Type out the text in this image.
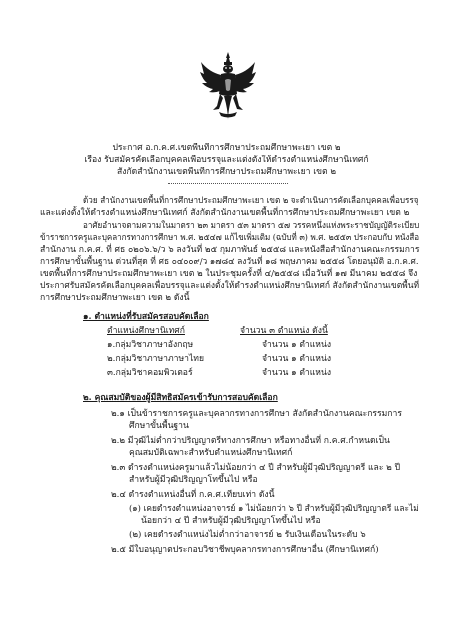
ประกาศ อ.ก.ค.ศ.เขตพื้นที่การศึกษาประถมศึกษาพะเยา เขต ๒
เรื่อง รับสมัครคัดเลือกบุคคลเพื่อบรรจุและแต่งตั้งให้ดำรงตำแหน่งศึกษานิเทศก์
สังกัดสำนักงานเขตพื้นที่การศึกษาประถมศึกษาพะเยา เขต ๒
ด้วย สำนักงานเขตพื้นที่การศึกษาประถมศึกษาพะเยา เขต ๒ จะดำเนินการคัดเลือกบุคคลเพื่อบรรจุ
และแต่งตั้งให้ดำรงตำแหน่งศึกษานิเทศก์ สังกัดสำนักงานเขตพื้นที่การศึกษาประถมศึกษาพะเยา เขต ๒
อาศัยอำนาจตามความในมาตรา ๒๓ มาตรา ๕๓ มาตรา ๕๗ วรรคหนึ่งแห่งพระราชบัญญัติระเบียบ
ข้าราชการครูและบุคลากรทางการศึกษา พ.ศ. ๒๕๔๗ แก้ไขเพิ่มเติม (ฉบับที่ ๓) พ.ศ. ๒๕๕๓ ประกอบกับ หนังสือ
สำนักงาน ก.ค.ศ. ที่ ศธ ๐๒๐๖.๖/ว ๖ ลงวันที่ ๒๕ กุมภาพันธ์ ๒๕๕๘ และหนังสือสำนักงานคณะกรรมการ
การศึกษาขั้นพื้นฐาน ด่วนที่สุด ที่ ศธ ๐๔๐๐๙/ว ๑๗๘๔ ลงวันที่ ๑๘ พฤษภาคม ๒๕๕๘ โดยอนุมัติ อ.ก.ค.ศ.
เขตพื้นที่การศึกษาประถมศึกษาพะเยา เขต ๒ ในประชุมครั้งที่ ๔/๒๕๕๘ เมื่อวันที่ ๑๗ มีนาคม ๒๕๕๘ จึง
ประกาศรับสมัครคัดเลือกบุคคลเพื่อบรรจุและแต่งตั้งให้ดำรงตำแหน่งศึกษานิเทศก์ สังกัดสำนักงานเขตพื้นที่
การศึกษาประถมศึกษาพะเยา เขต ๒ ดังนี้
๑. ตำแหน่งที่รับสมัครสอบคัดเลือก
ตำแหน่งศึกษานิเทศก์	จำนวน ๓ ตำแหน่ง ดังนี้
๑.กลุ่มวิชาภาษาอังกฤษ	จำนวน ๑ ตำแหน่ง
๒.กลุ่มวิชาภาษาภาษาไทย	จำนวน ๑ ตำแหน่ง
๓.กลุ่มวิชาคอมพิวเตอร์	จำนวน ๑ ตำแหน่ง
๒. คุณสมบัติของผู้มีสิทธิสมัครเข้ารับการสอบคัดเลือก
๒.๑ เป็นข้าราชการครูและบุคลากรทางการศึกษา สังกัดสำนักงานคณะกรรมการ
ศึกษาขั้นพื้นฐาน
๒.๒ มีวุฒิไม่ต่ำกว่าปริญญาตรีทางการศึกษา หรือทางอื่นที่ ก.ค.ศ.กำหนดเป็น
คุณสมบัติเฉพาะสำหรับตำแหน่งศึกษานิเทศก์
๒.๓ ดำรงตำแหน่งครูมาแล้วไม่น้อยกว่า ๔ ปี สำหรับผู้มีวุฒิปริญญาตรี และ ๒ ปี
สำหรับผู้มีวุฒิปริญญาโทขึ้นไป หรือ
๒.๔ ดำรงตำแหน่งอื่นที่ ก.ค.ศ.เทียบเท่า ดังนี้
(๑) เคยดำรงตำแหน่งอาจารย์ ๑ ไม่น้อยกว่า ๖ ปี สำหรับผู้มีวุฒิปริญญาตรี และไม่
น้อยกว่า ๔ ปี สำหรับผู้มีวุฒิปริญญาโทขึ้นไป หรือ
(๒) เคยดำรงตำแหน่งไม่ต่ำกว่าอาจารย์ ๒ รับเงินเดือนในระดับ ๖
๒.๕ มีใบอนุญาตประกอบวิชาชีพบุคลากรทางการศึกษาอื่น (ศึกษานิเทศก์)
